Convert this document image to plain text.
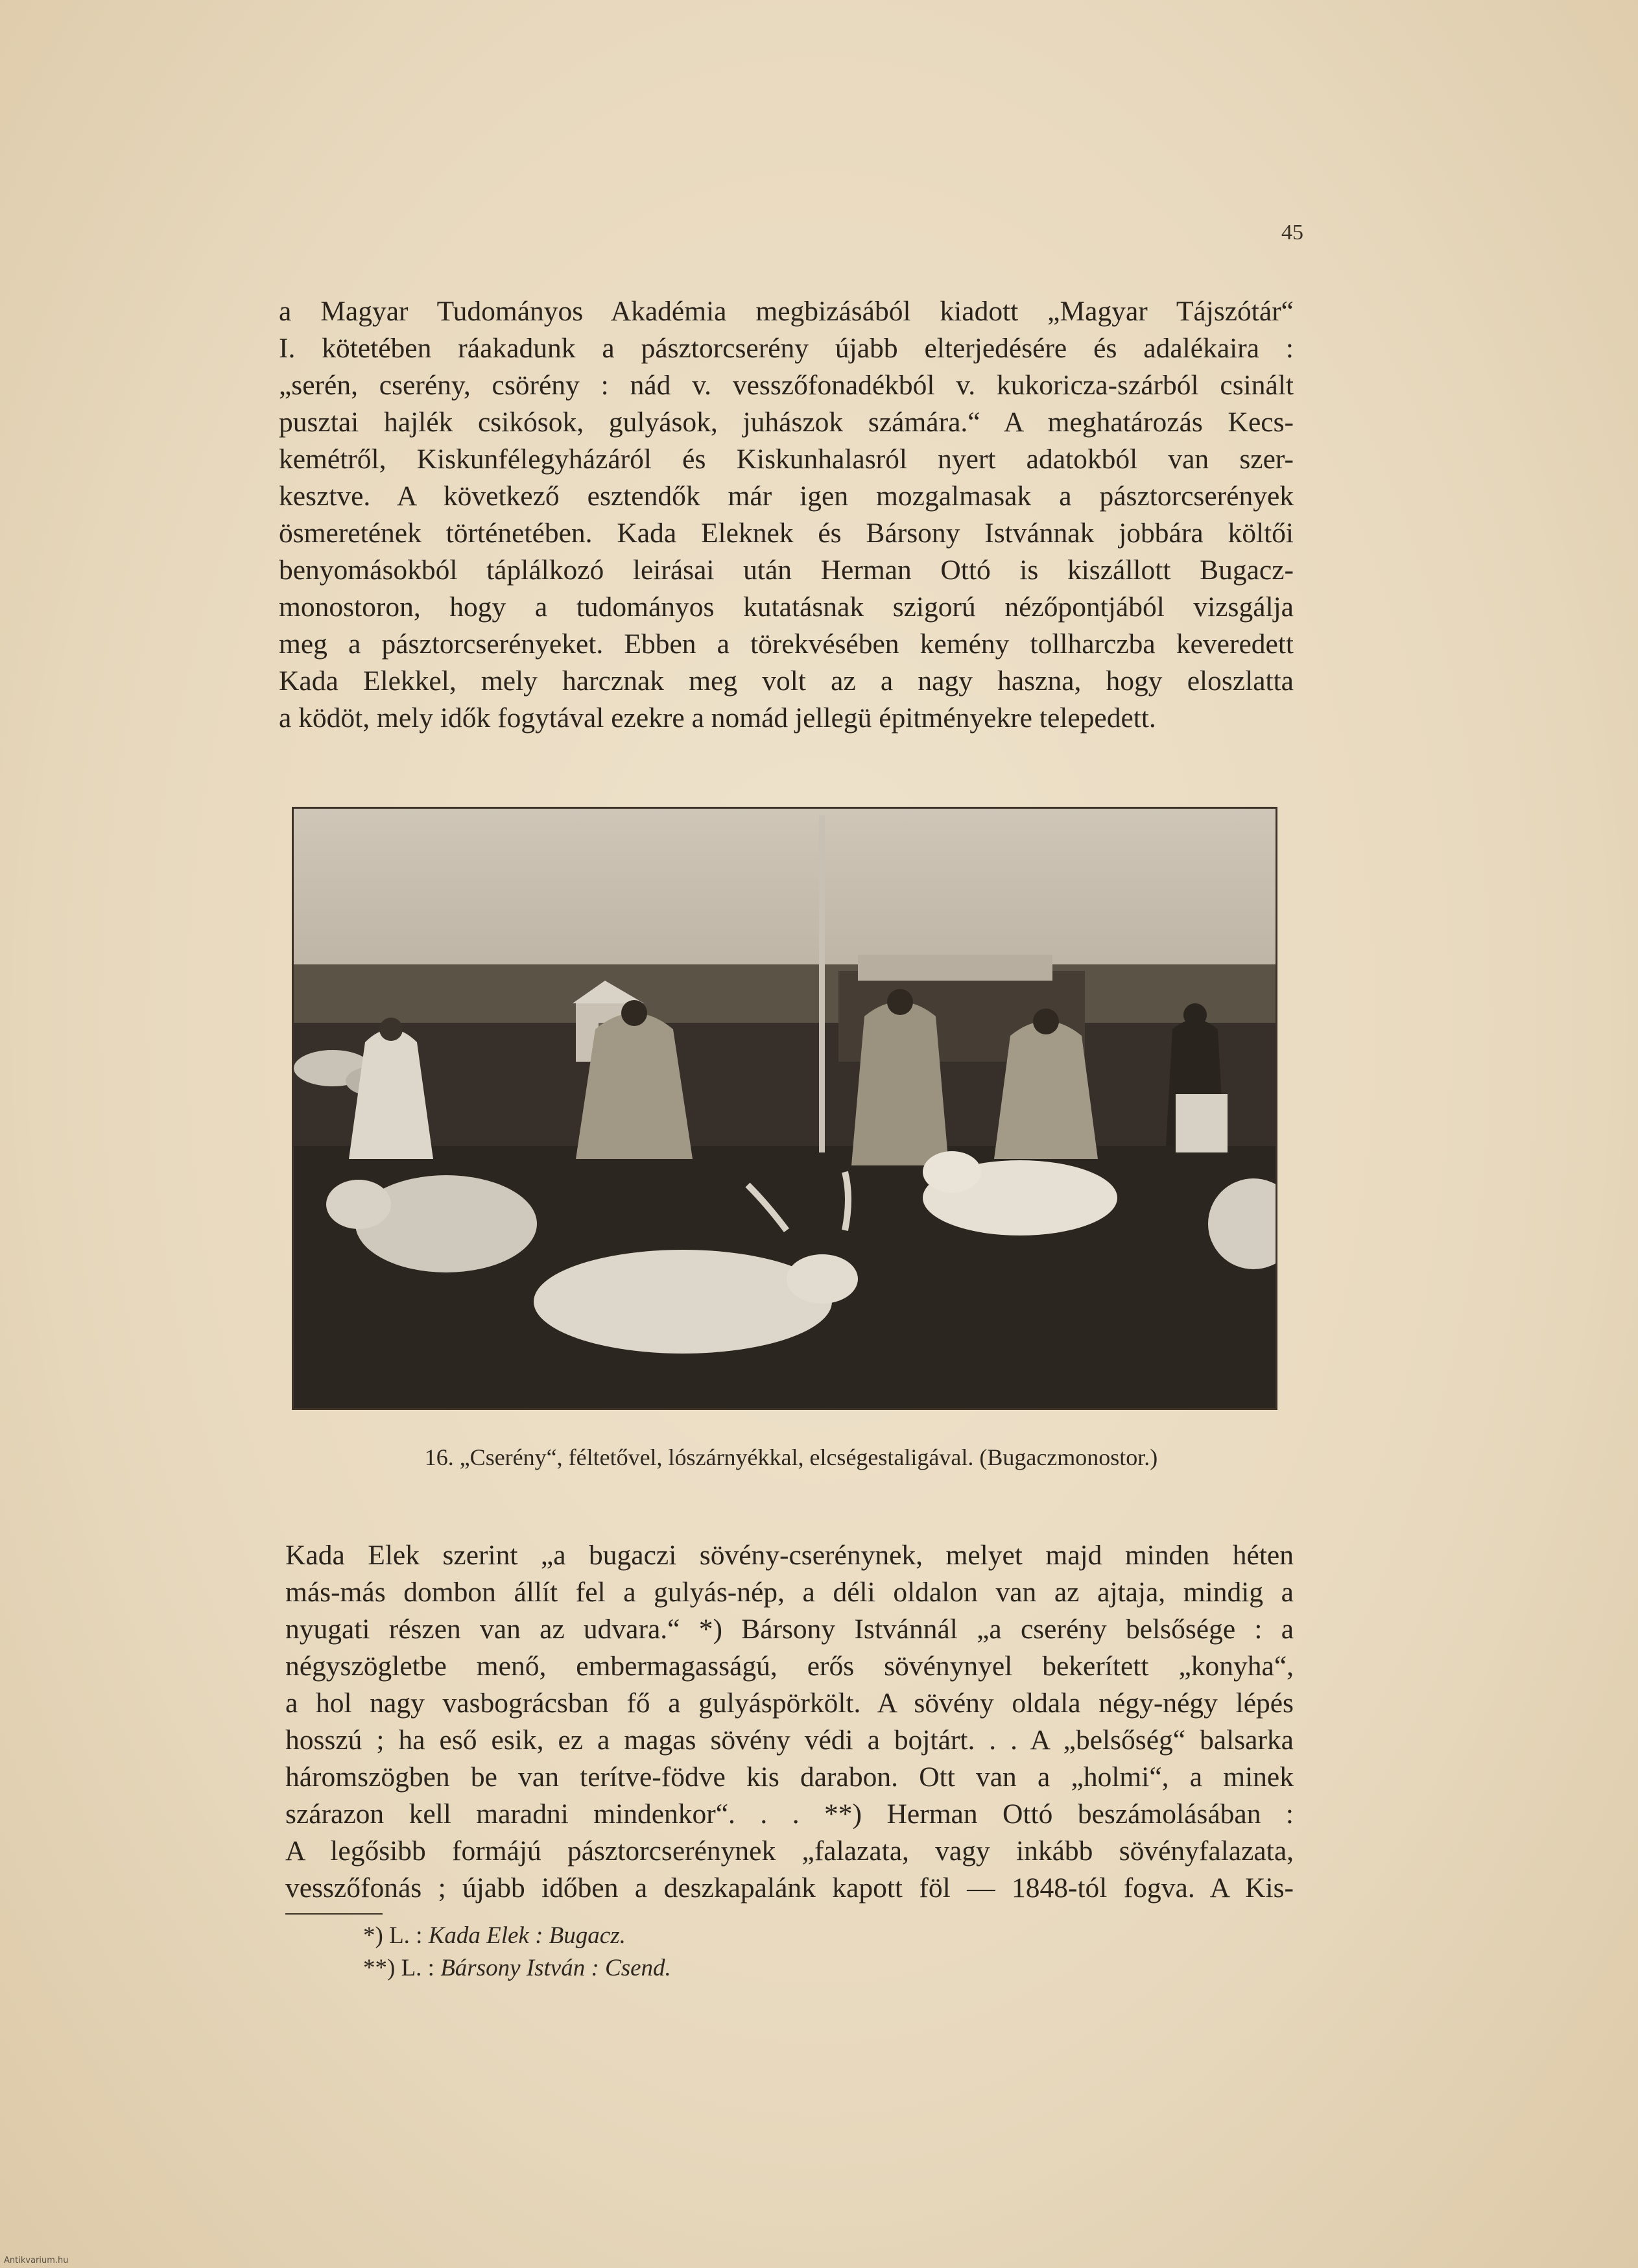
45
a Magyar Tudományos Akadémia megbizásából kiadott „Magyar Tájszótár“
I. kötetében ráakadunk a pásztorcserény újabb elterjedésére és adalékaira :
„serén, cserény, csörény : nád v. vesszőfonadékból v. kukoricza-szárból csinált
pusztai hajlék csikósok, gulyások, juhászok számára.“ A meghatározás Kecs-
kemétről, Kiskunfélegyházáról és Kiskunhalasról nyert adatokból van szer-
kesztve. A következő esztendők már igen mozgalmasak a pásztorcserények
ösmeretének történetében. Kada Eleknek és Bársony Istvánnak jobbára költői
benyomásokból táplálkozó leirásai után Herman Ottó is kiszállott Bugacz-
monostoron, hogy a tudományos kutatásnak szigorú nézőpontjából vizsgálja
meg a pásztorcserényeket. Ebben a törekvésében kemény tollharczba keveredett
Kada Elekkel, mely harcznak meg volt az a nagy haszna, hogy eloszlatta
a ködöt, mely idők fogytával ezekre a nomád jellegü épitményekre telepedett.
16. „Cserény“, féltetővel, lószárnyékkal, elcségestaligával. (Bugaczmonostor.)
Kada Elek szerint „a bugaczi sövény-cserénynek, melyet majd minden héten
más-más dombon állít fel a gulyás-nép, a déli oldalon van az ajtaja, mindig a
nyugati részen van az udvara.“ *) Bársony Istvánnál „a cserény belsősége : a
négyszögletbe menő, embermagasságú, erős sövénynyel bekerített „konyha“,
a hol nagy vasbográcsban fő a gulyáspörkölt. A sövény oldala négy-négy lépés
hosszú ; ha eső esik, ez a magas sövény védi a bojtárt. . . A „belsőség“ balsarka
háromszögben be van terítve-födve kis darabon. Ott van a „holmi“, a minek
szárazon kell maradni mindenkor“. . . **) Herman Ottó beszámolásában :
A legősibb formájú pásztorcserénynek „falazata, vagy inkább sövényfalazata,
vesszőfonás ; újabb időben a deszkapalánk kapott föl — 1848-tól fogva. A Kis-
*) L. : Kada Elek : Bugacz.
**) L. : Bársony István : Csend.
Antikvarium.hu
